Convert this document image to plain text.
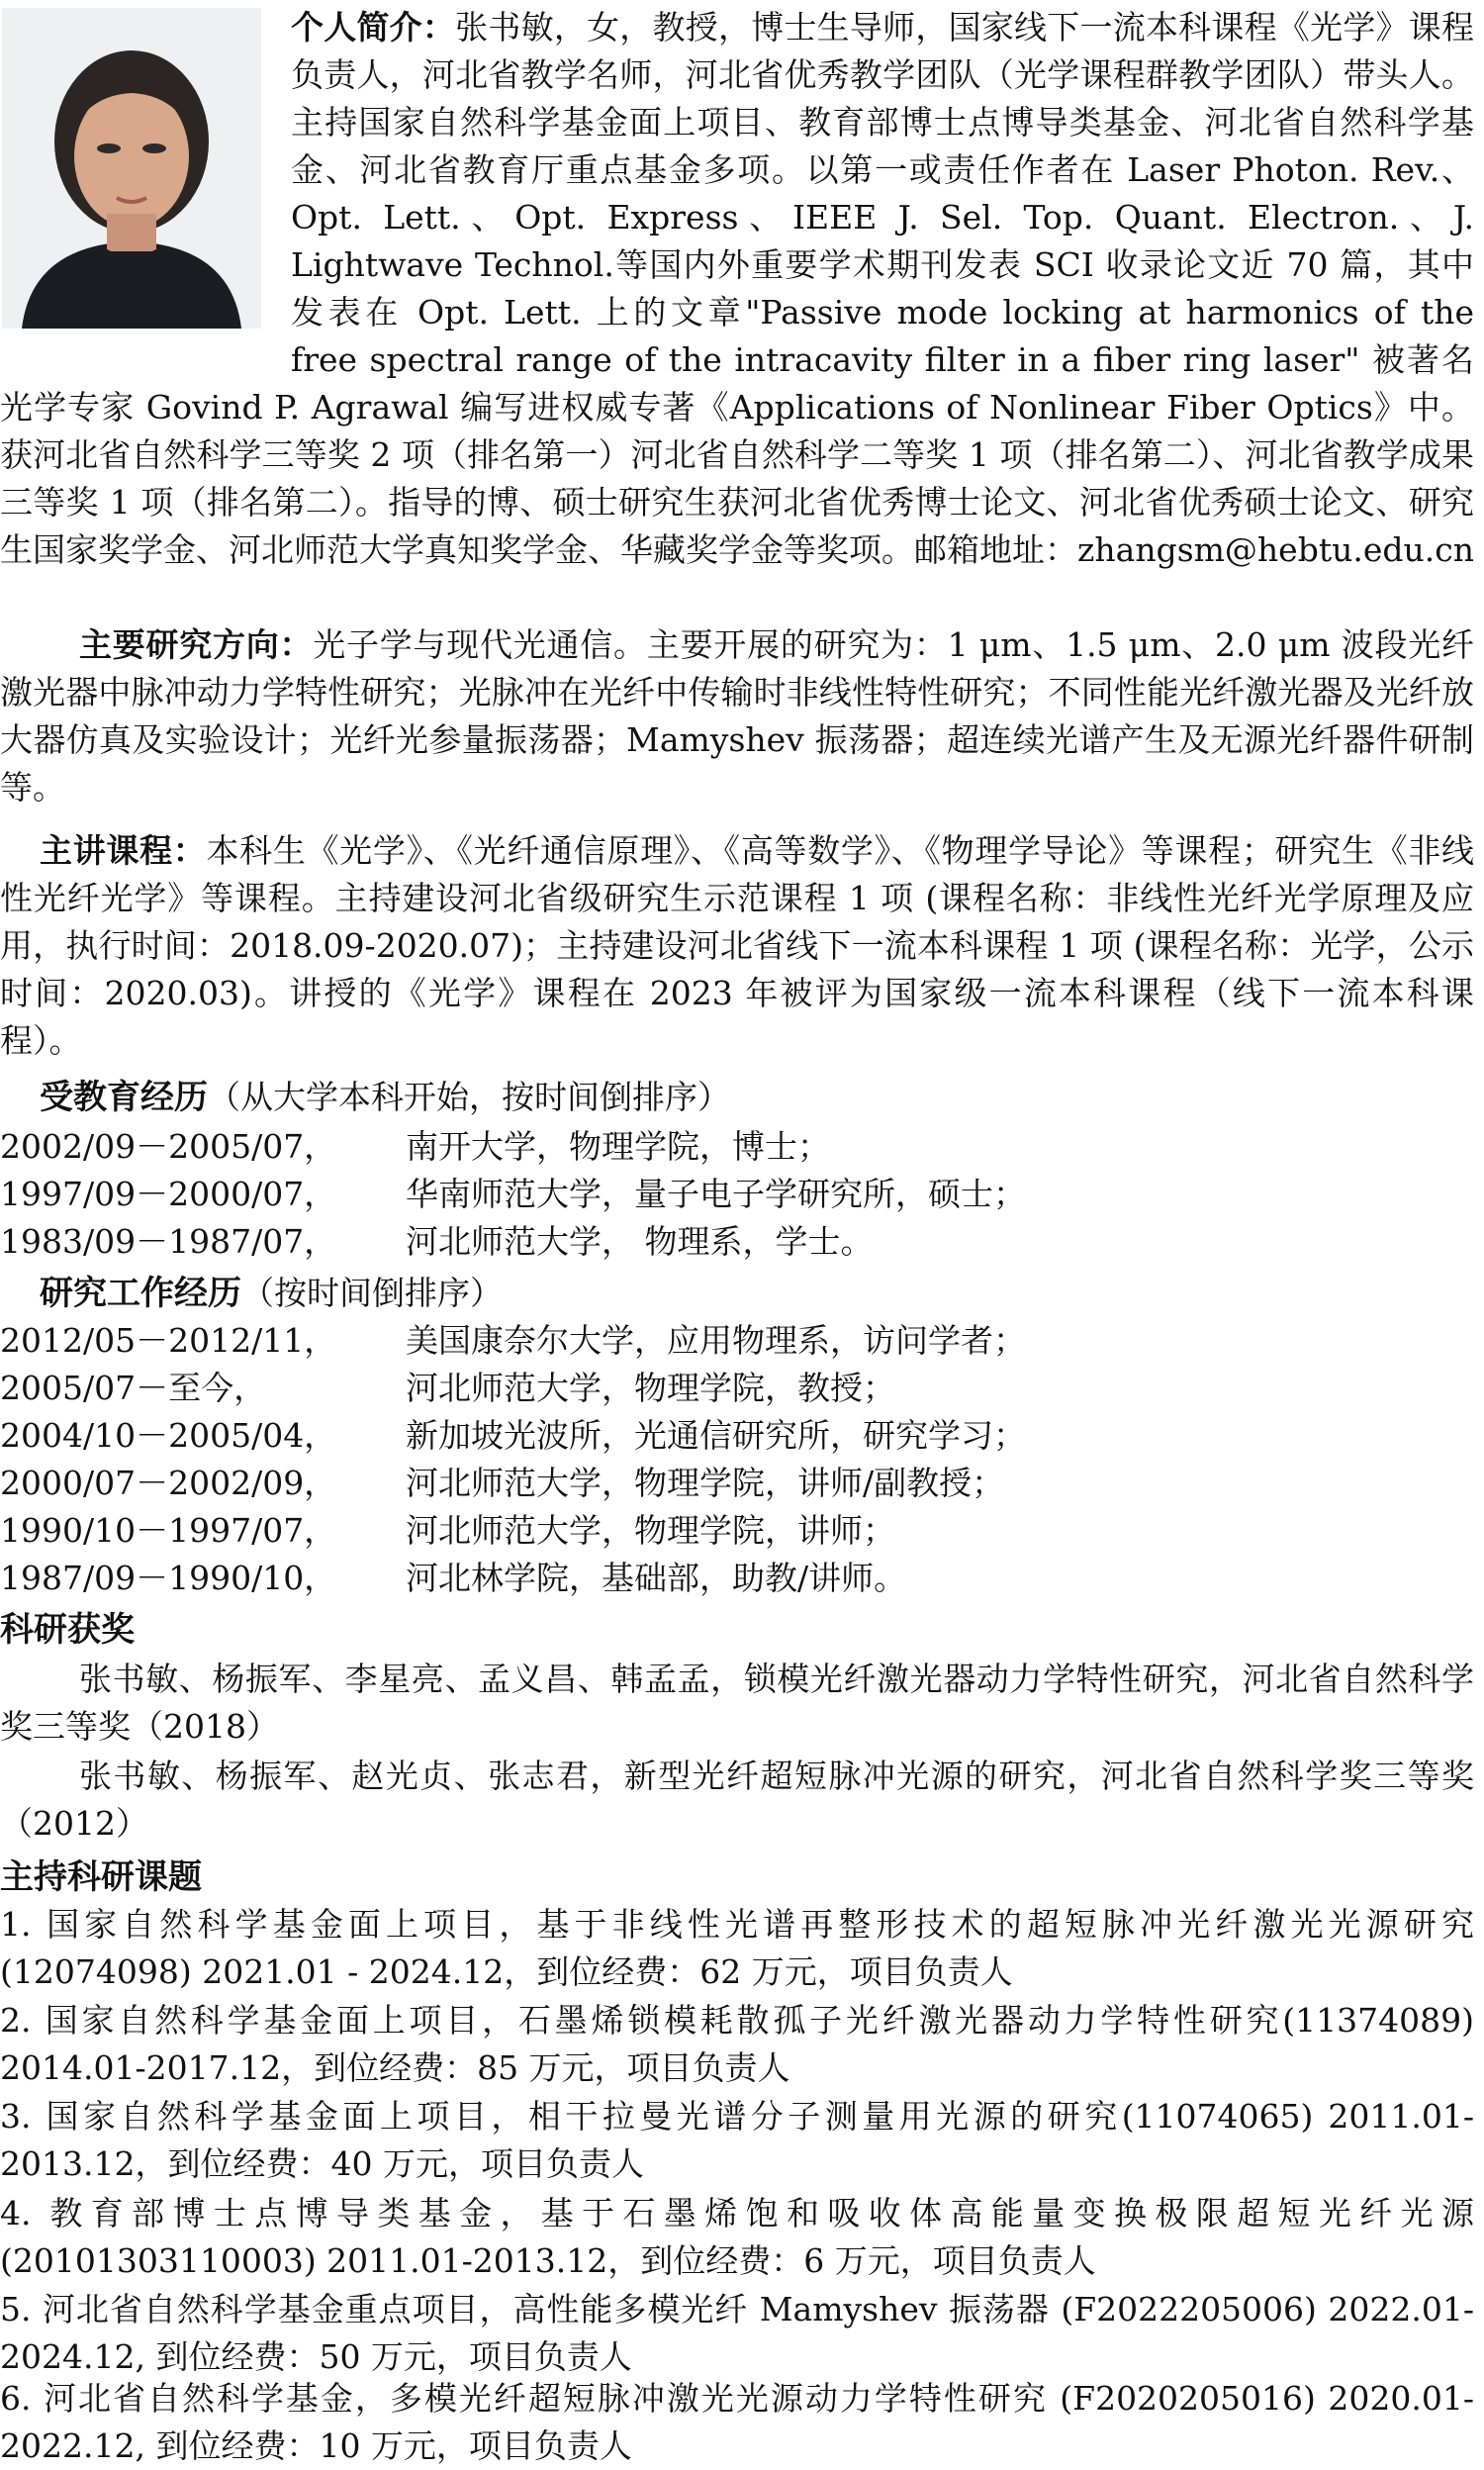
个人简介：张书敏，女，教授，博士生导师，国家线下一流本科课程《光学》课程负责人，河北省教学名师，河北省优秀教学团队（光学课程群教学团队）带头人。主持国家自然科学基金面上项目、教育部博士点博导类基金、河北省自然科学基金、河北省教育厅重点基金多项。以第一或责任作者在 Laser Photon. Rev.、Opt. Lett.、Opt. Express、IEEE J. Sel. Top. Quant. Electron.、J. Lightwave Technol.等国内外重要学术期刊发表 SCI 收录论文近 70 篇，其中发表在 Opt. Lett. 上的文章"Passive mode locking at harmonics of the free spectral range of the intracavity filter in a fiber ring laser" 被著名光学专家 Govind P. Agrawal 编写进权威专著《Applications of Nonlinear Fiber Optics》中。获河北省自然科学三等奖 2 项（排名第一）河北省自然科学二等奖 1 项（排名第二）、河北省教学成果三等奖 1 项（排名第二）。指导的博、硕士研究生获河北省优秀博士论文、河北省优秀硕士论文、研究生国家奖学金、河北师范大学真知奖学金、华藏奖学金等奖项。邮箱地址：zhangsm@hebtu.edu.cn
主要研究方向：光子学与现代光通信。主要开展的研究为：1 μm、1.5 μm、2.0 μm 波段光纤激光器中脉冲动力学特性研究；光脉冲在光纤中传输时非线性特性研究；不同性能光纤激光器及光纤放大器仿真及实验设计；光纤光参量振荡器；Mamyshev 振荡器；超连续光谱产生及无源光纤器件研制等。
主讲课程：本科生《光学》、《光纤通信原理》、《高等数学》、《物理学导论》等课程；研究生《非线性光纤光学》等课程。主持建设河北省级研究生示范课程 1 项 (课程名称：非线性光纤光学原理及应用，执行时间：2018.09-2020.07)；主持建设河北省线下一流本科课程 1 项 (课程名称：光学，公示时间：2020.03)。讲授的《光学》课程在 2023 年被评为国家级一流本科课程（线下一流本科课程）。
受教育经历（从大学本科开始，按时间倒排序）
2002/09－2005/07， 南开大学，物理学院，博士；
1997/09－2000/07， 华南师范大学，量子电子学研究所，硕士；
1983/09－1987/07， 河北师范大学， 物理系，学士。
研究工作经历（按时间倒排序）
2012/05－2012/11， 美国康奈尔大学，应用物理系，访问学者；
2005/07－至今，	河北师范大学，物理学院，教授；
2004/10－2005/04， 新加坡光波所，光通信研究所，研究学习；
2000/07－2002/09， 河北师范大学，物理学院，讲师/副教授；
1990/10－1997/07， 河北师范大学，物理学院，讲师；
1987/09－1990/10， 河北林学院，基础部，助教/讲师。
科研获奖
张书敏、杨振军、李星亮、孟义昌、韩孟孟，锁模光纤激光器动力学特性研究，河北省自然科学奖三等奖（2018）
张书敏、杨振军、赵光贞、张志君，新型光纤超短脉冲光源的研究，河北省自然科学奖三等奖（2012）
主持科研课题
1. 国家自然科学基金面上项目，基于非线性光谱再整形技术的超短脉冲光纤激光光源研究 (12074098) 2021.01 - 2024.12，到位经费：62 万元，项目负责人
2. 国家自然科学基金面上项目，石墨烯锁模耗散孤子光纤激光器动力学特性研究(11374089) 2014.01-2017.12，到位经费：85 万元，项目负责人
3. 国家自然科学基金面上项目，相干拉曼光谱分子测量用光源的研究(11074065) 2011.01-2013.12，到位经费：40 万元，项目负责人
4. 教育部博士点博导类基金，基于石墨烯饱和吸收体高能量变换极限超短光纤光源(20101303110003) 2011.01-2013.12，到位经费：6 万元，项目负责人
5. 河北省自然科学基金重点项目，高性能多模光纤 Mamyshev 振荡器 (F2022205006) 2022.01-2024.12, 到位经费：50 万元，项目负责人
6. 河北省自然科学基金，多模光纤超短脉冲激光光源动力学特性研究 (F2020205016) 2020.01-2022.12, 到位经费：10 万元，项目负责人
